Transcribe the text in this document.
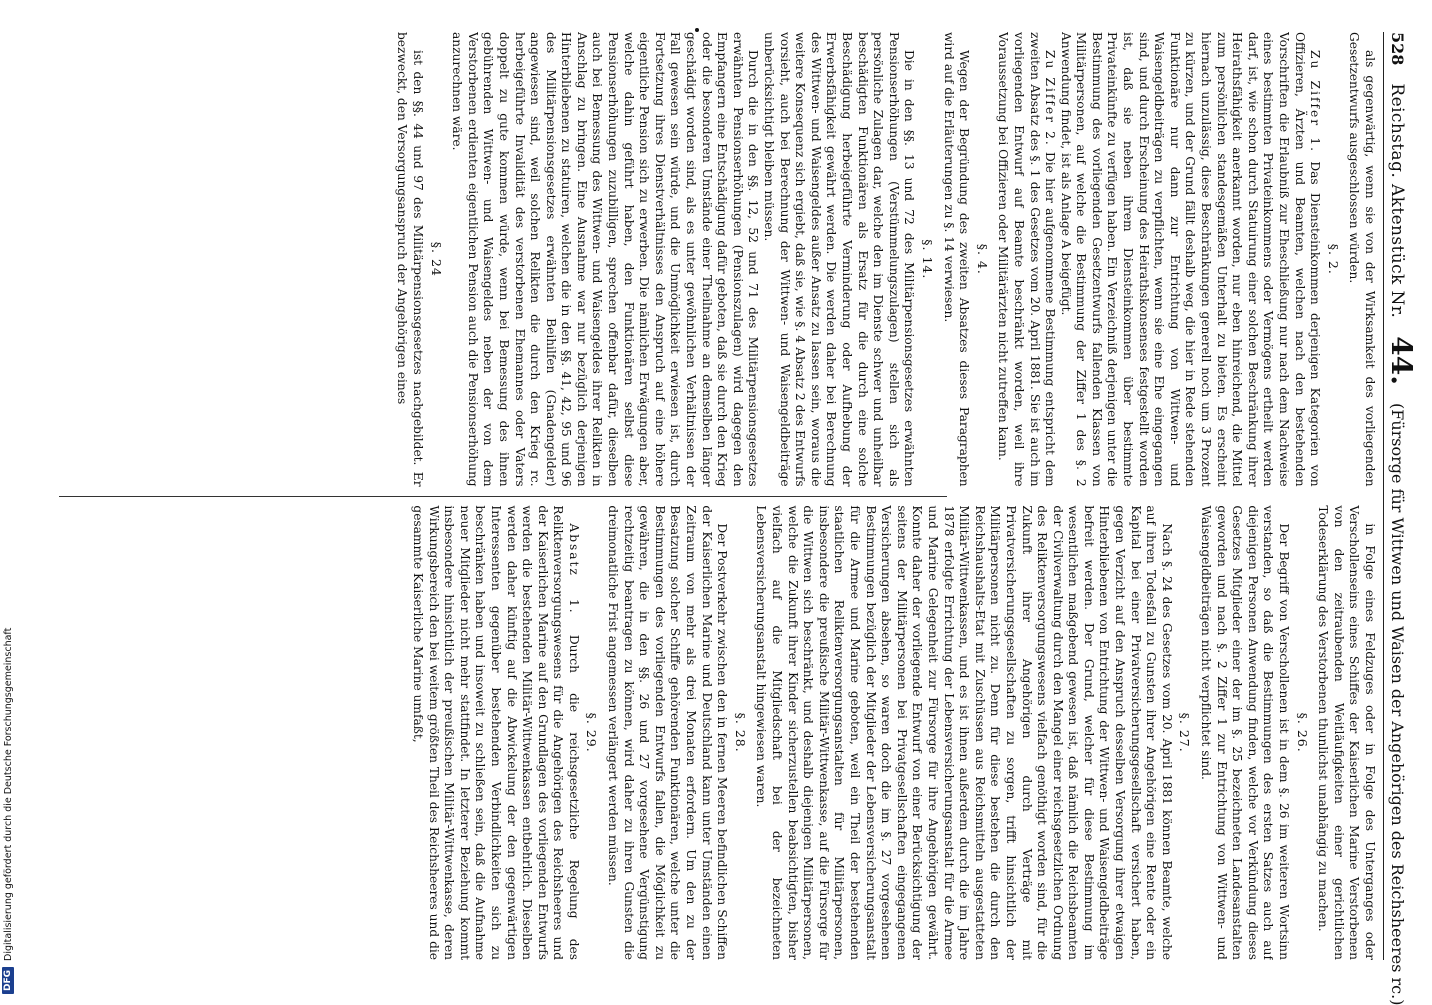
528
Reichstag. Aktenstück Nr.
44.
(Fürsorge für Wittwen und Waisen der Angehörigen des Reichsheeres rc.)

als gegenwärtig, wenn sie von der Wirksamkeit des vorliegenden Gesetzentwurfs ausgeschlossen würden.

§. 2.

Zu Ziffer 1. Das Diensteinkommen derjenigen Kategorien von Offizieren, Ärzten und Beamten, welchen nach den bestehenden Vorschriften die Erlaubniß zur Eheschließung nur nach dem Nachweise eines bestimmten Privateinkommens oder Vermögens ertheilt werden darf, ist, wie schon durch Statuirung einer solchen Beschränkung ihrer Heirathsfähigkeit anerkannt worden, nur eben hinreichend, die Mittel zum persönlichen standesgemäßen Unterhalt zu bieten. Es erscheint hiernach unzulässig, diese Beschränkungen generell noch um 3 Prozent zu kürzen, und der Grund fällt deshalb weg, die hier in Rede stehenden Funktionäre nur dann zur Entrichtung von Wittwen- und Waisengeldbeiträgen zu verpflichten, wenn sie eine Ehe eingegangen sind, und durch Erscheinung des Heirathskonsenses festgestellt worden ist, daß sie neben ihrem Diensteinkommen über bestimmte Privateinkünfte zu verfügen haben. Ein Verzeichniß derjenigen unter die Bestimmung des vorliegenden Gesetzentwurfs fallenden Klassen von Militärpersonen, auf welche die Bestimmung der Ziffer 1 des §. 2 Anwendung findet, ist als Anlage A beigefügt.

Zu Ziffer 2. Die hier aufgenommene Bestimmung entspricht dem zweiten Absatz des §. 1 des Gesetzes vom 20. April 1881. Sie ist auch im vorliegenden Entwurf auf Beamte beschränkt worden, weil ihre Voraussetzung bei Offizieren oder Militärärzten nicht zutreffen kann.

§. 4.

Wegen der Begründung des zweiten Absatzes dieses Paragraphen wird auf die Erläuterungen zu §. 14 verwiesen.

§. 14.

Die in den §§. 13 und 72 des Militärpensionsgesetzes erwähnten Pensionserhöhungen (Verstümmelungszulagen) stellen sich als persönliche Zulagen dar, welche den im Dienste schwer und unheilbar beschädigten Funktionären als Ersatz für die durch eine solche Beschädigung herbeigeführte Verminderung oder Aufhebung der Erwerbsfähigkeit gewährt werden. Die werden daher bei Berechnung des Wittwen- und Waisengeldes außer Ansatz zu lassen sein, woraus die weitere Konsequenz sich ergiebt, daß sie, wie §. 4 Absatz 2 des Entwurfs vorsieht, auch bei Berechnung der Wittwen- und Waisengeldbeiträge unberücksichtigt bleiben müssen.

Durch die in den §§. 12, 52 und 71 des Militärpensionsgesetzes erwähnten Pensionserhöhungen (Pensionszulagen) wird dagegen den Empfangern eine Entschädigung dafür geboten, daß sie durch den Krieg oder die besonderen Umstände einer Theilnahme an demselben länger geschädigt worden sind, als es unter gewöhnlichen Verhältnissen der Fall gewesen sein würde, und die Unmöglichkeit erwiesen ist, durch Fortsetzung ihres Dienstverhältnisses den Anspruch auf eine höhere eigentliche Pension sich zu erwerben. Die nämlichen Erwägungen aber, welche dahin geführt haben, den Funktionären selbst diese Pensionserhöhungen zuzubilligen, sprechen offenbar dafür, dieselben auch bei Bemessung des Wittwen- und Waisengeldes ihrer Relikten in Anschlag zu bringen. Eine Ausnahme war nur bezüglich derjenigen Hinterbliebenen zu statuiren, welchen die in den §§. 41, 42, 95 und 96 des Militärpensionsgesetzes erwähnten Beihilfen (Gnadengelder) angewiesen sind, weil solchen Relikten die durch den Krieg rc. herbeigeführte Invalidität des verstorbenen Ehemannes oder Vaters doppelt zu gute kommen würde, wenn bei Bemessung des ihnen gebührenden Wittwen- und Waisengeldes neben der von dem Verstorbenen erdienten eigentlichen Pension auch die Pensionserhöhung anzurechnen wäre.

§. 24

ist den §§. 44 und 97 des Militärpensionsgesetzes nachgebildet. Er bezweckt, den Versorgungsanspruch der Angehörigen eines

in Folge eines Feldzuges oder in Folge des Unterganges oder Verschollenseins eines Schiffes der Kaiserlichen Marine Verstorbenen von den zeitraubenden Weitläufigkeiten einer gerichtlichen Todeserklärung des Verstorbenen thunlichst unabhängig zu machen.

§. 26.

Der Begriff von Verschollenen ist in dem §. 26 im weiteren Wortsinn verstanden, so daß die Bestimmungen des ersten Satzes auch auf diejenigen Personen Anwendung finden, welche vor Verkündung dieses Gesetzes Mitglieder einer der im §. 25 bezeichneten Landesanstalten geworden und nach §. 2 Ziffer 1 zur Entrichtung von Wittwen- und Waisengeldbeiträgen nicht verpflichtet sind.

§. 27.

Nach §. 24 des Gesetzes vom 20. April 1881 können Beamte, welche auf ihren Todesfall zu Gunsten ihrer Angehörigen eine Rente oder ein Kapital bei einer Privatversicherungsgesellschaft versichert haben, gegen Verzicht auf den Anspruch desselben Versorgung ihrer etwaigen Hinterbliebenen von Entrichtung der Wittwen- und Waisengeldbeiträge befreit werden. Der Grund, welcher für diese Bestimmung im wesentlichen maßgebend gewesen ist, daß nämlich die Reichsbeamten der Civilverwaltung durch den Mangel einer reichsgesetzlichen Ordnung des Reliktenversorgungswesens vielfach genöthigt worden sind, für die Zukunft ihrer Angehörigen durch Verträge mit Privatversicherungsgesellschaften zu sorgen, trifft hinsichtlich der Militärpersonen nicht zu. Denn für diese bestehen die durch den Reichshaushalts-Etat mit Zuschüssen aus Reichsmitteln ausgestatteten Militär-Wittwenkassen, und es ist ihnen außerdem durch die im Jahre 1878 erfolgte Errichtung der Lebensversicherungsanstalt für die Armee und Marine Gelegenheit zur Fürsorge für ihre Angehörigen gewährt. Konnte daher der vorliegende Entwurf von einer Berücksichtigung der seitens der Militärpersonen bei Privatgesellschaften eingegangenen Versicherungen absehen, so waren doch die im §. 27 vorgesehenen Bestimmungen bezüglich der Mitglieder der Lebensversicherungsanstalt für die Armee und Marine geboten, weil ein Theil der bestehenden staatlichen Reliktenversorgungsanstalten für Militärpersonen, insbesondere die preußische Militär-Wittwenkasse, auf die Fürsorge für die Wittwen sich beschränkt, und deshalb diejenigen Militärpersonen, welche die Zukunft ihrer Kinder sicherzustellen beabsichtigten, bisher vielfach auf die Mitgliedschaft bei der bezeichneten Lebensversicherungsanstalt hingewiesen waren.

§. 28.

Der Postverkehr zwischen den in fernen Meeren befindlichen Schiffen der Kaiserlichen Marine und Deutschland kann unter Umständen einen Zeitraum von mehr als drei Monaten erfordern. Um den zu der Besatzung solcher Schiffe gehörenden Funktionären, welche unter die Bestimmungen des vorliegenden Entwurfs fallen, die Möglichkeit zu gewähren, die in den §§. 26 und 27 vorgesehene Vergünstigung rechtzeitig beantragen zu können, wird daher zu ihren Gunsten die dreimonatliche Frist angemessen verlängert werden müssen.

§. 29.

Absatz 1. Durch die reichsgesetzliche Regelung des Reliktenversorgungswesens für die Angehörigen des Reichsheeres und der Kaiserlichen Marine auf den Grundlagen des vorliegenden Entwurfs werden die bestehenden Militär-Wittwenkassen entbehrlich. Dieselben werden daher künftig auf die Abwickelung der den gegenwärtigen Interessenten gegenüber bestehenden Verbindlichkeiten sich zu beschränken haben und insoweit zu schließen sein, daß die Aufnahme neuer Mitglieder nicht mehr stattfindet. In letzterer Beziehung kommt insbesondere hinsichtlich der preußischen Militär-Wittwenkasse, deren Wirkungsbereich den bei weitem größten Theil des Reichsheeres und die gesammte Kaiserliche Marine umfaßt,

DFG
Digitalisierung gefördert durch die Deutsche Forschungsgemeinschaft
